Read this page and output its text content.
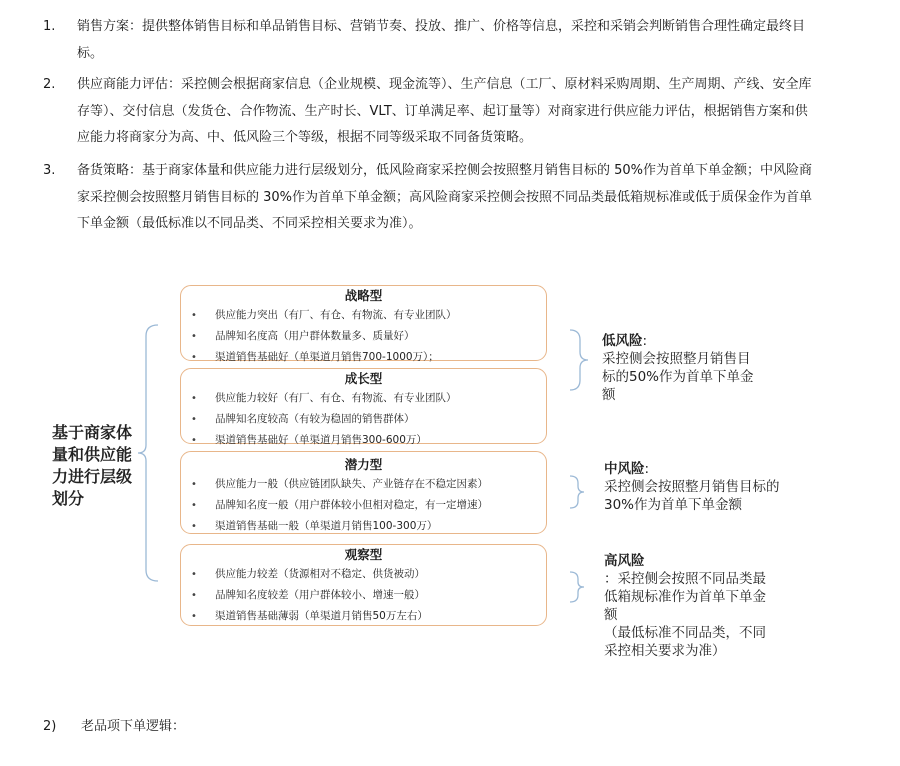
1. 销售方案：提供整体销售目标和单品销售目标、营销节奏、投放、推广、价格等信息，采控和采销会判断销售合理性确定最终目标。
2. 供应商能力评估：采控侧会根据商家信息（企业规模、现金流等）、生产信息（工厂、原材料采购周期、生产周期、产线、安全库存等）、交付信息（发货仓、合作物流、生产时长、VLT、订单满足率、起订量等）对商家进行供应能力评估，根据销售方案和供应能力将商家分为高、中、低风险三个等级，根据不同等级采取不同备货策略。
3. 备货策略：基于商家体量和供应能力进行层级划分，低风险商家采控侧会按照整月销售目标的 50%作为首单下单金额；中风险商家采控侧会按照整月销售目标的 30%作为首单下单金额；高风险商家采控侧会按照不同品类最低箱规标准或低于质保金作为首单下单金额（最低标准以不同品类、不同采控相关要求为准）。
基于商家体量和供应能力进行层级划分
战略型
• 供应能力突出（有厂、有仓、有物流、有专业团队）
• 品牌知名度高（用户群体数量多、质量好）
• 渠道销售基础好（单渠道月销售700-1000万）；
成长型
• 供应能力较好（有厂、有仓、有物流、有专业团队）
• 品牌知名度较高（有较为稳固的销售群体）
• 渠道销售基础好（单渠道月销售300-600万）
潜力型
• 供应能力一般（供应链团队缺失、产业链存在不稳定因素）
• 品牌知名度一般（用户群体较小但相对稳定，有一定增速）
• 渠道销售基础一般（单渠道月销售100-300万）
观察型
• 供应能力较差（货源相对不稳定、供货被动）
• 品牌知名度较差（用户群体较小、增速一般）
• 渠道销售基础薄弱（单渠道月销售50万左右）
低风险:
采控侧会按照整月销售目
标的50%作为首单下单金
额
中风险:
采控侧会按照整月销售目标的
30%作为首单下单金额
高风险
：采控侧会按照不同品类最
低箱规标准作为首单下单金
额
（最低标准不同品类，不同
采控相关要求为准）
2) 老品项下单逻辑：
